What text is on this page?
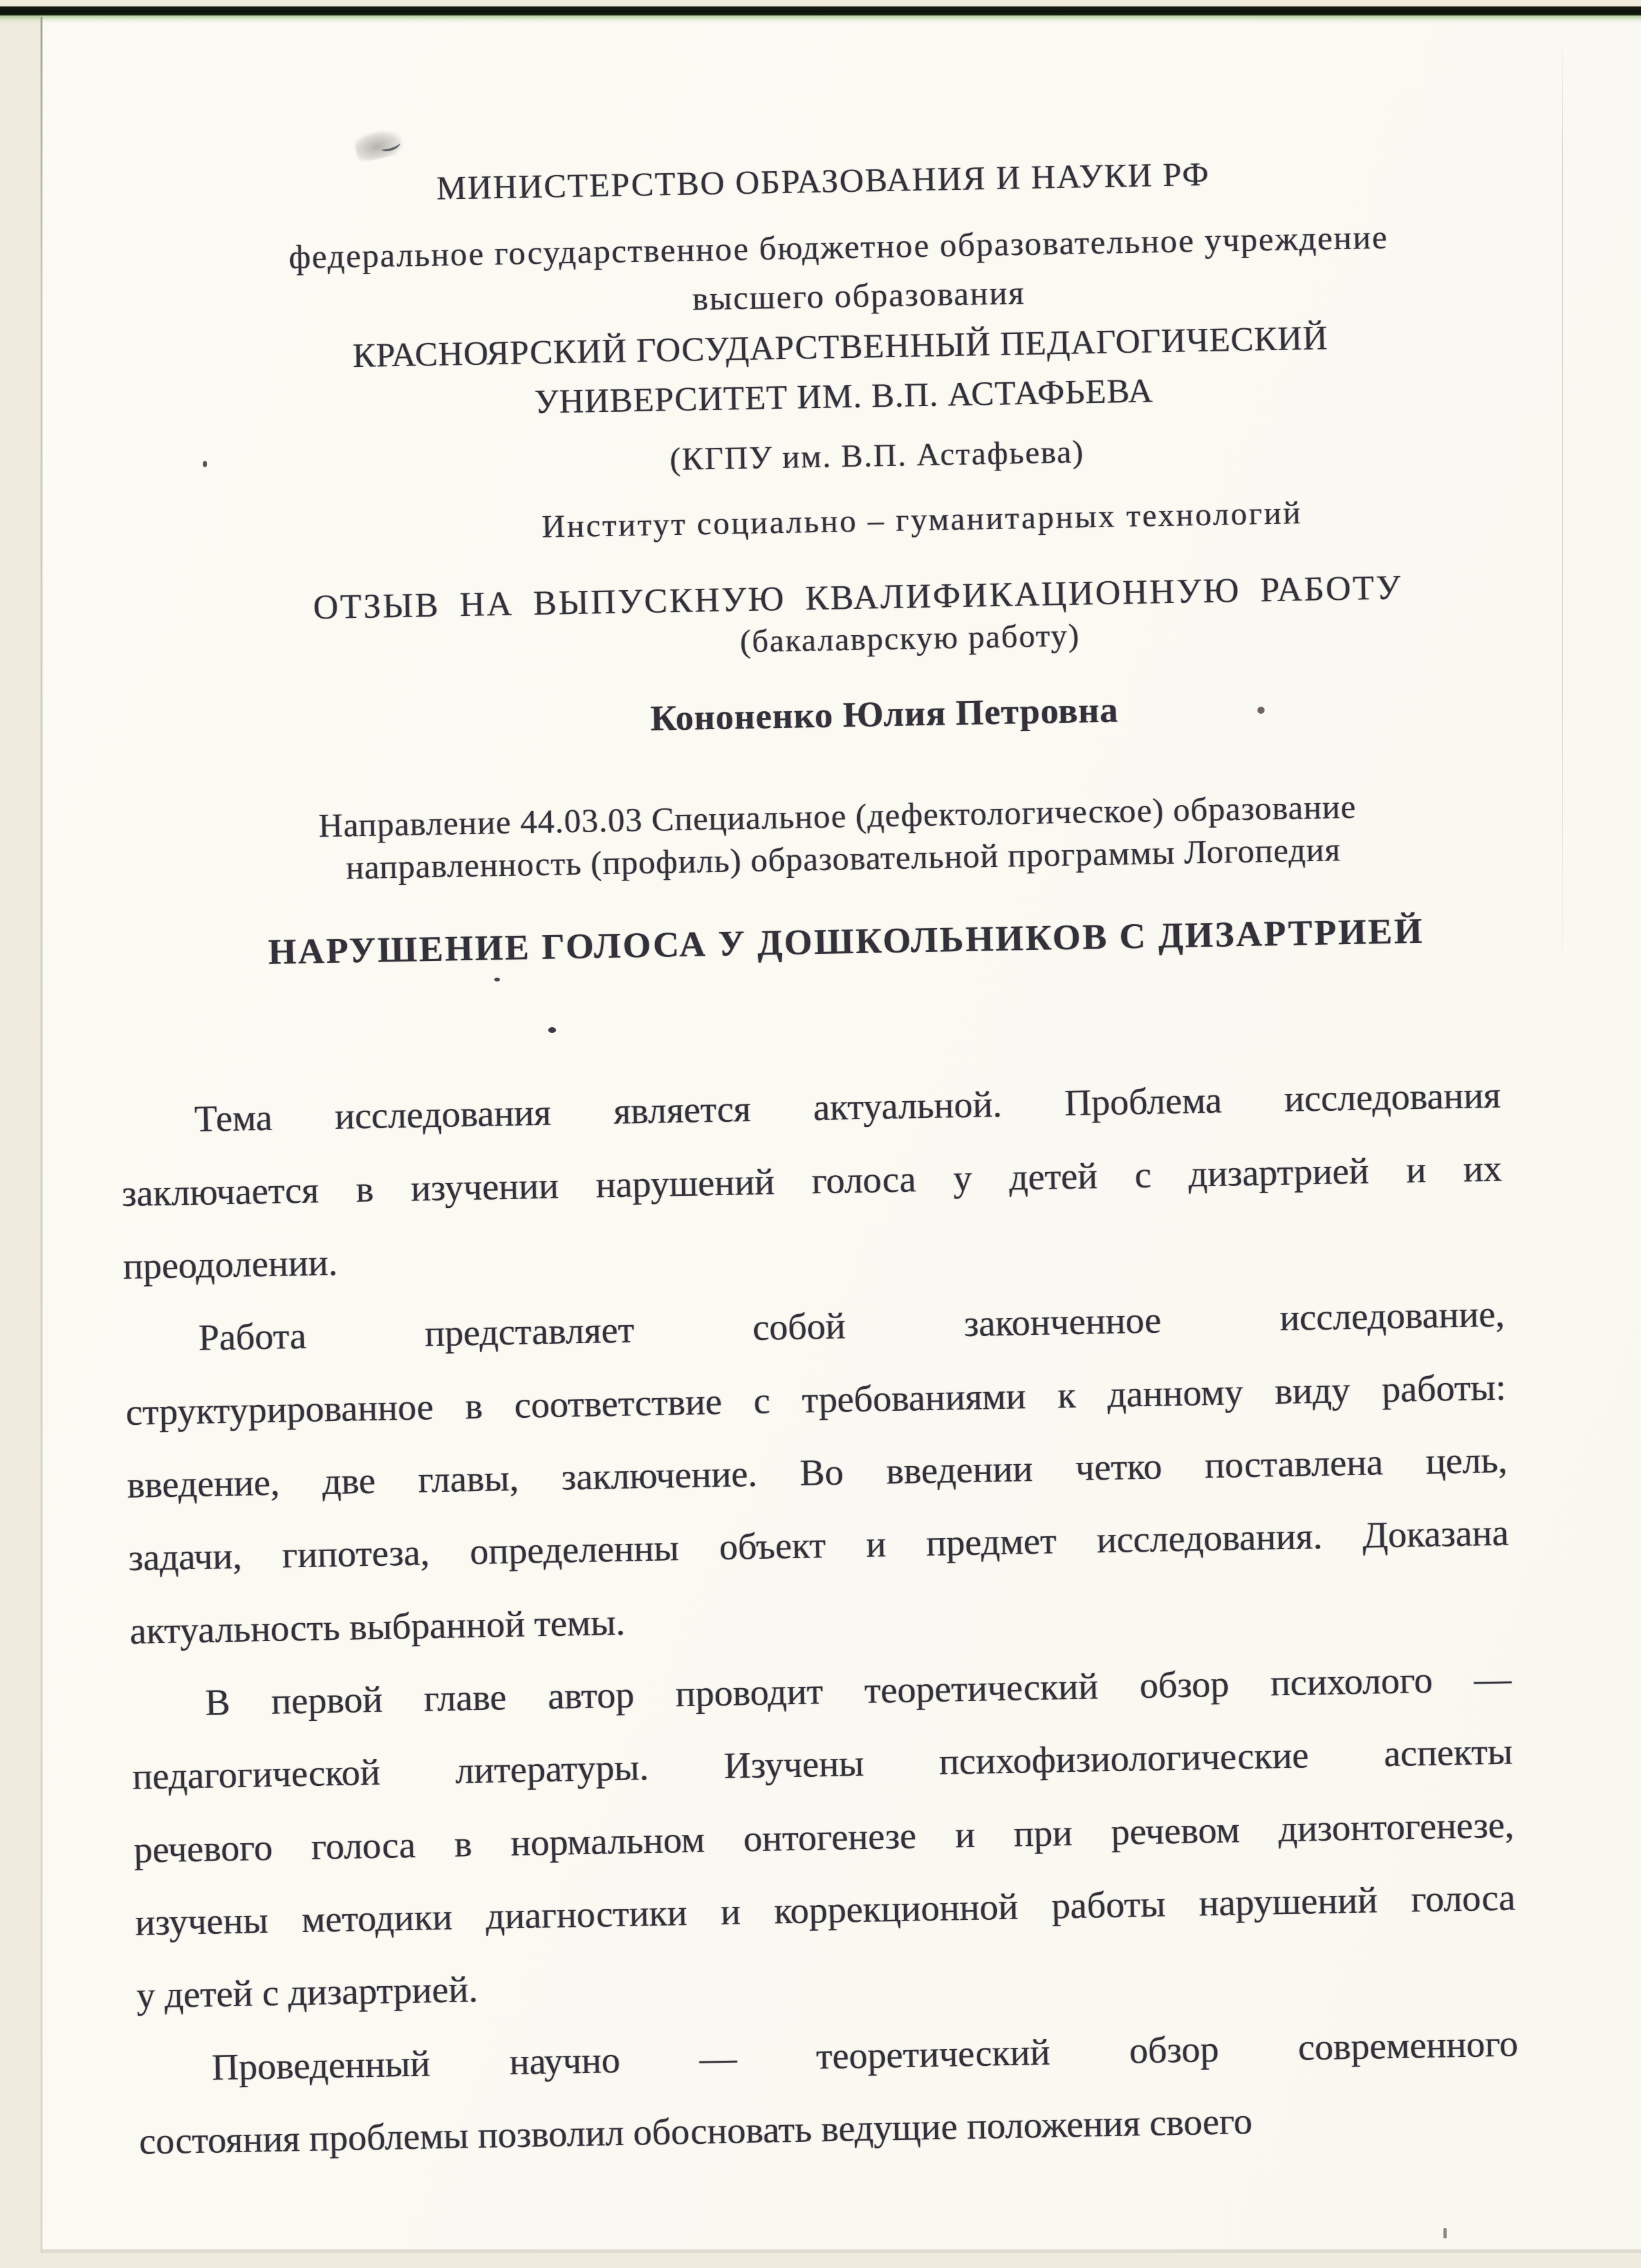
МИНИСТЕРСТВО ОБРАЗОВАНИЯ И НАУКИ РФ
федеральное государственное бюджетное образовательное учреждение
высшего образования
КРАСНОЯРСКИЙ ГОСУДАРСТВЕННЫЙ ПЕДАГОГИЧЕСКИЙ
УНИВЕРСИТЕТ ИМ. В.П. АСТАФЬЕВА
(КГПУ им. В.П. Астафьева)
Институт социально – гуманитарных технологий
ОТЗЫВ НА ВЫПУСКНУЮ КВАЛИФИКАЦИОННУЮ РАБОТУ
(бакалаврскую работу)
Кононенко Юлия Петровна
Направление 44.03.03 Специальное (дефектологическое) образование
направленность (профиль) образовательной программы Логопедия
НАРУШЕНИЕ ГОЛОСА У ДОШКОЛЬНИКОВ С ДИЗАРТРИЕЙ
Тема исследования является актуальной. Проблема исследования
заключается в изучении нарушений голоса у детей с дизартрией и их
преодолении.
Работа представляет собой законченное исследование,
структурированное в соответствие с требованиями к данному виду работы:
введение, две главы, заключение. Во введении четко поставлена цель,
задачи, гипотеза, определенны объект и предмет исследования. Доказана
актуальность выбранной темы.
В первой главе автор проводит теоретический обзор психолого —
педагогической литературы. Изучены психофизиологические аспекты
речевого голоса в нормальном онтогенезе и при речевом дизонтогенезе,
изучены методики диагностики и коррекционной работы нарушений голоса
у детей с дизартрией.
Проведенный научно — теоретический обзор современного
состояния проблемы позволил обосновать ведущие положения своего
